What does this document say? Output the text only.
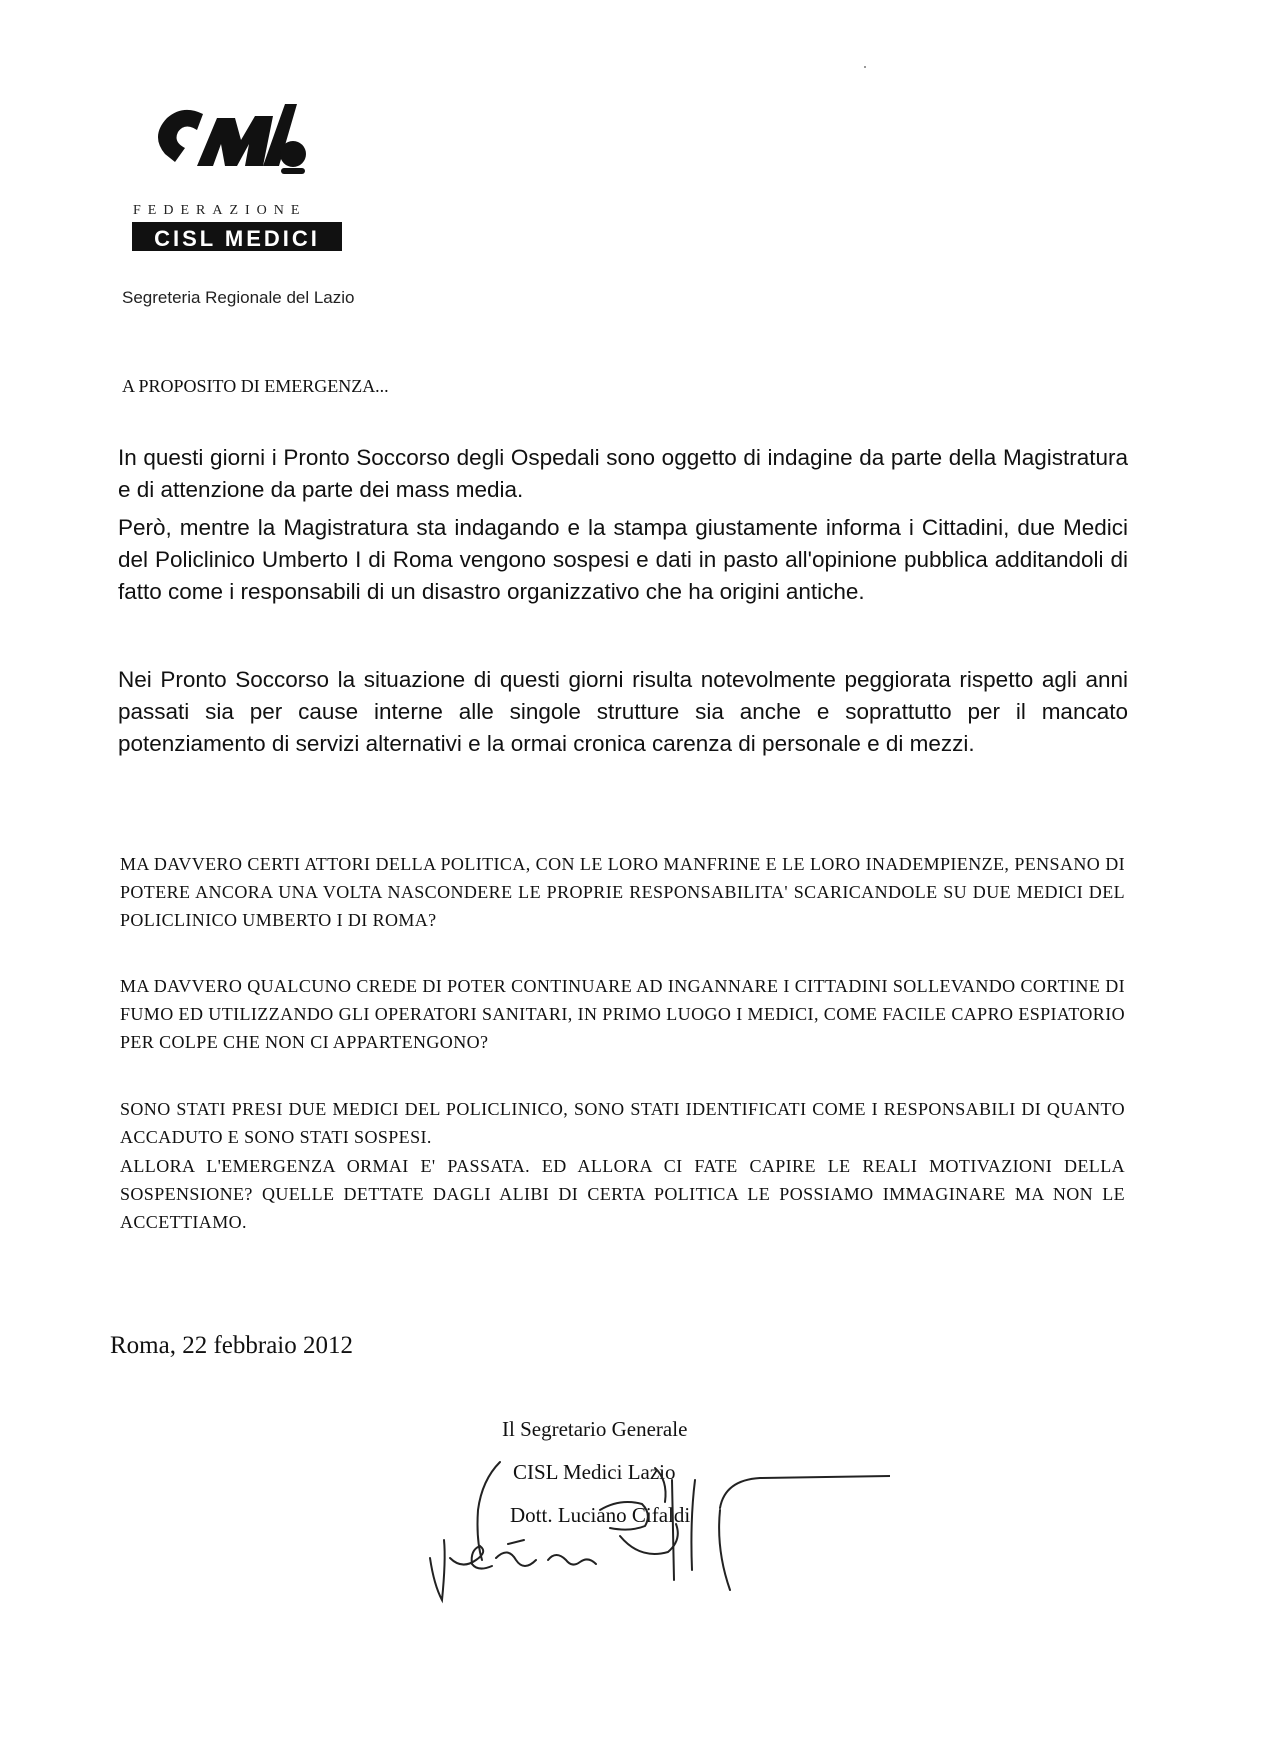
FEDERAZIONE
CISL MEDICI
Segreteria Regionale del Lazio
A PROPOSITO DI EMERGENZA...

In questi giorni i Pronto Soccorso degli Ospedali sono oggetto di indagine da parte della Magistratura e di attenzione da parte dei mass media.

Però, mentre la Magistratura sta indagando e la stampa giustamente informa i Cittadini, due Medici del Policlinico Umberto I di Roma vengono sospesi e dati in pasto all'opinione pubblica additandoli di fatto come i responsabili di un disastro organizzativo che ha origini antiche.

Nei Pronto Soccorso la situazione di questi giorni risulta notevolmente peggiorata rispetto agli anni passati sia per cause interne alle singole strutture sia anche e soprattutto per il mancato potenziamento di servizi alternativi e la ormai cronica carenza di personale e di mezzi.

MA DAVVERO CERTI ATTORI DELLA POLITICA, CON LE LORO MANFRINE E LE LORO INADEMPIENZE, PENSANO DI POTERE ANCORA UNA VOLTA NASCONDERE LE PROPRIE RESPONSABILITA' SCARICANDOLE SU DUE MEDICI DEL POLICLINICO UMBERTO I DI ROMA?

MA DAVVERO QUALCUNO CREDE DI POTER CONTINUARE AD INGANNARE I CITTADINI SOLLEVANDO CORTINE DI FUMO ED UTILIZZANDO GLI OPERATORI SANITARI, IN PRIMO LUOGO I MEDICI, COME FACILE CAPRO ESPIATORIO PER COLPE CHE NON CI APPARTENGONO?

SONO STATI PRESI DUE MEDICI DEL POLICLINICO, SONO STATI IDENTIFICATI COME I RESPONSABILI DI QUANTO ACCADUTO E SONO STATI SOSPESI.

ALLORA L'EMERGENZA ORMAI E' PASSATA. ED ALLORA CI FATE CAPIRE LE REALI MOTIVAZIONI DELLA SOSPENSIONE? QUELLE DETTATE DAGLI ALIBI DI CERTA POLITICA LE POSSIAMO IMMAGINARE MA NON LE ACCETTIAMO.

Roma, 22 febbraio 2012
Il Segretario Generale
CISL Medici Lazio
Dott. Luciano Cifaldi
